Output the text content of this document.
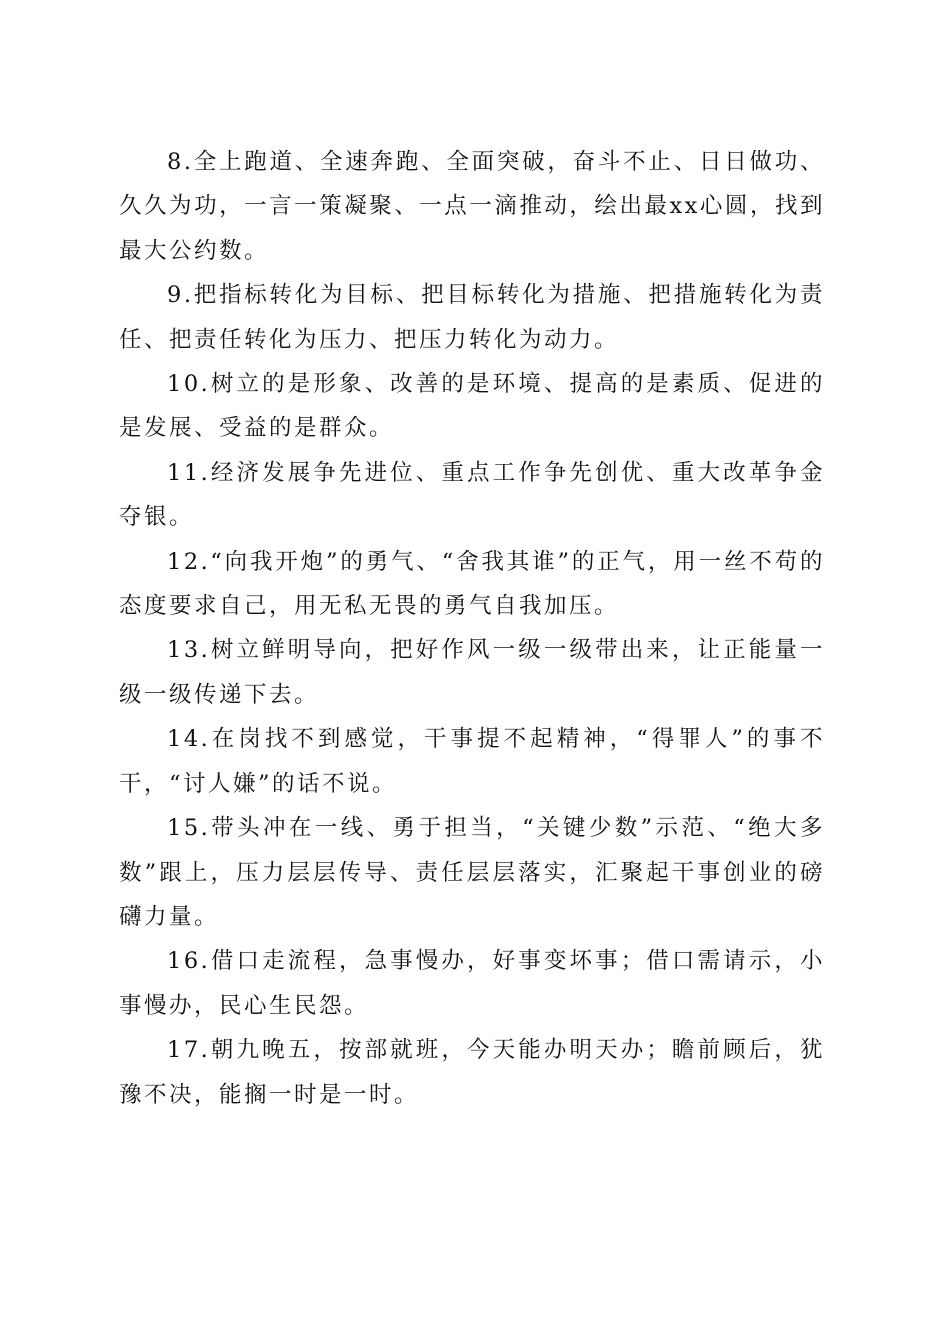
8.全上跑道、全速奔跑、全面突破，奋斗不止、日日做功、久久为功，一言一策凝聚、一点一滴推动，绘出最xx心圆，找到最大公约数。

9.把指标转化为目标、把目标转化为措施、把措施转化为责任、把责任转化为压力、把压力转化为动力。

10.树立的是形象、改善的是环境、提高的是素质、促进的是发展、受益的是群众。

11.经济发展争先进位、重点工作争先创优、重大改革争金夺银。

12.“向我开炮”的勇气、“舍我其谁”的正气，用一丝不苟的态度要求自己，用无私无畏的勇气自我加压。

13.树立鲜明导向，把好作风一级一级带出来，让正能量一级一级传递下去。

14.在岗找不到感觉，干事提不起精神，“得罪人”的事不干，“讨人嫌”的话不说。

15.带头冲在一线、勇于担当，“关键少数”示范、“绝大多数”跟上，压力层层传导、责任层层落实，汇聚起干事创业的磅礴力量。

16.借口走流程，急事慢办，好事变坏事；借口需请示，小事慢办，民心生民怨。

17.朝九晚五，按部就班，今天能办明天办；瞻前顾后，犹豫不决，能搁一时是一时。
